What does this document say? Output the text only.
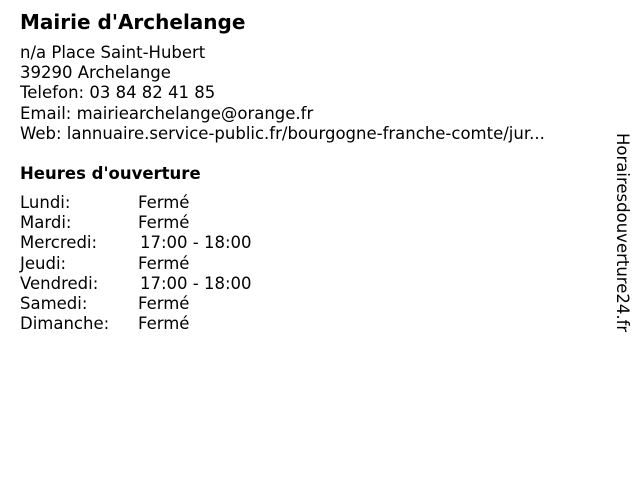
Mairie d'Archelange
n/a Place Saint-Hubert
39290 Archelange
Telefon: 03 84 82 41 85
Email: mairiearchelange@orange.fr
Web: lannuaire.service-public.fr/bourgogne-franche-comte/jur...
Heures d'ouverture
Lundi:	Fermé
Mardi:	Fermé
Mercredi:	17:00 - 18:00
Jeudi:	Fermé
Vendredi:	17:00 - 18:00
Samedi:	Fermé
Dimanche: Fermé	Horairesdouverture24.fr
